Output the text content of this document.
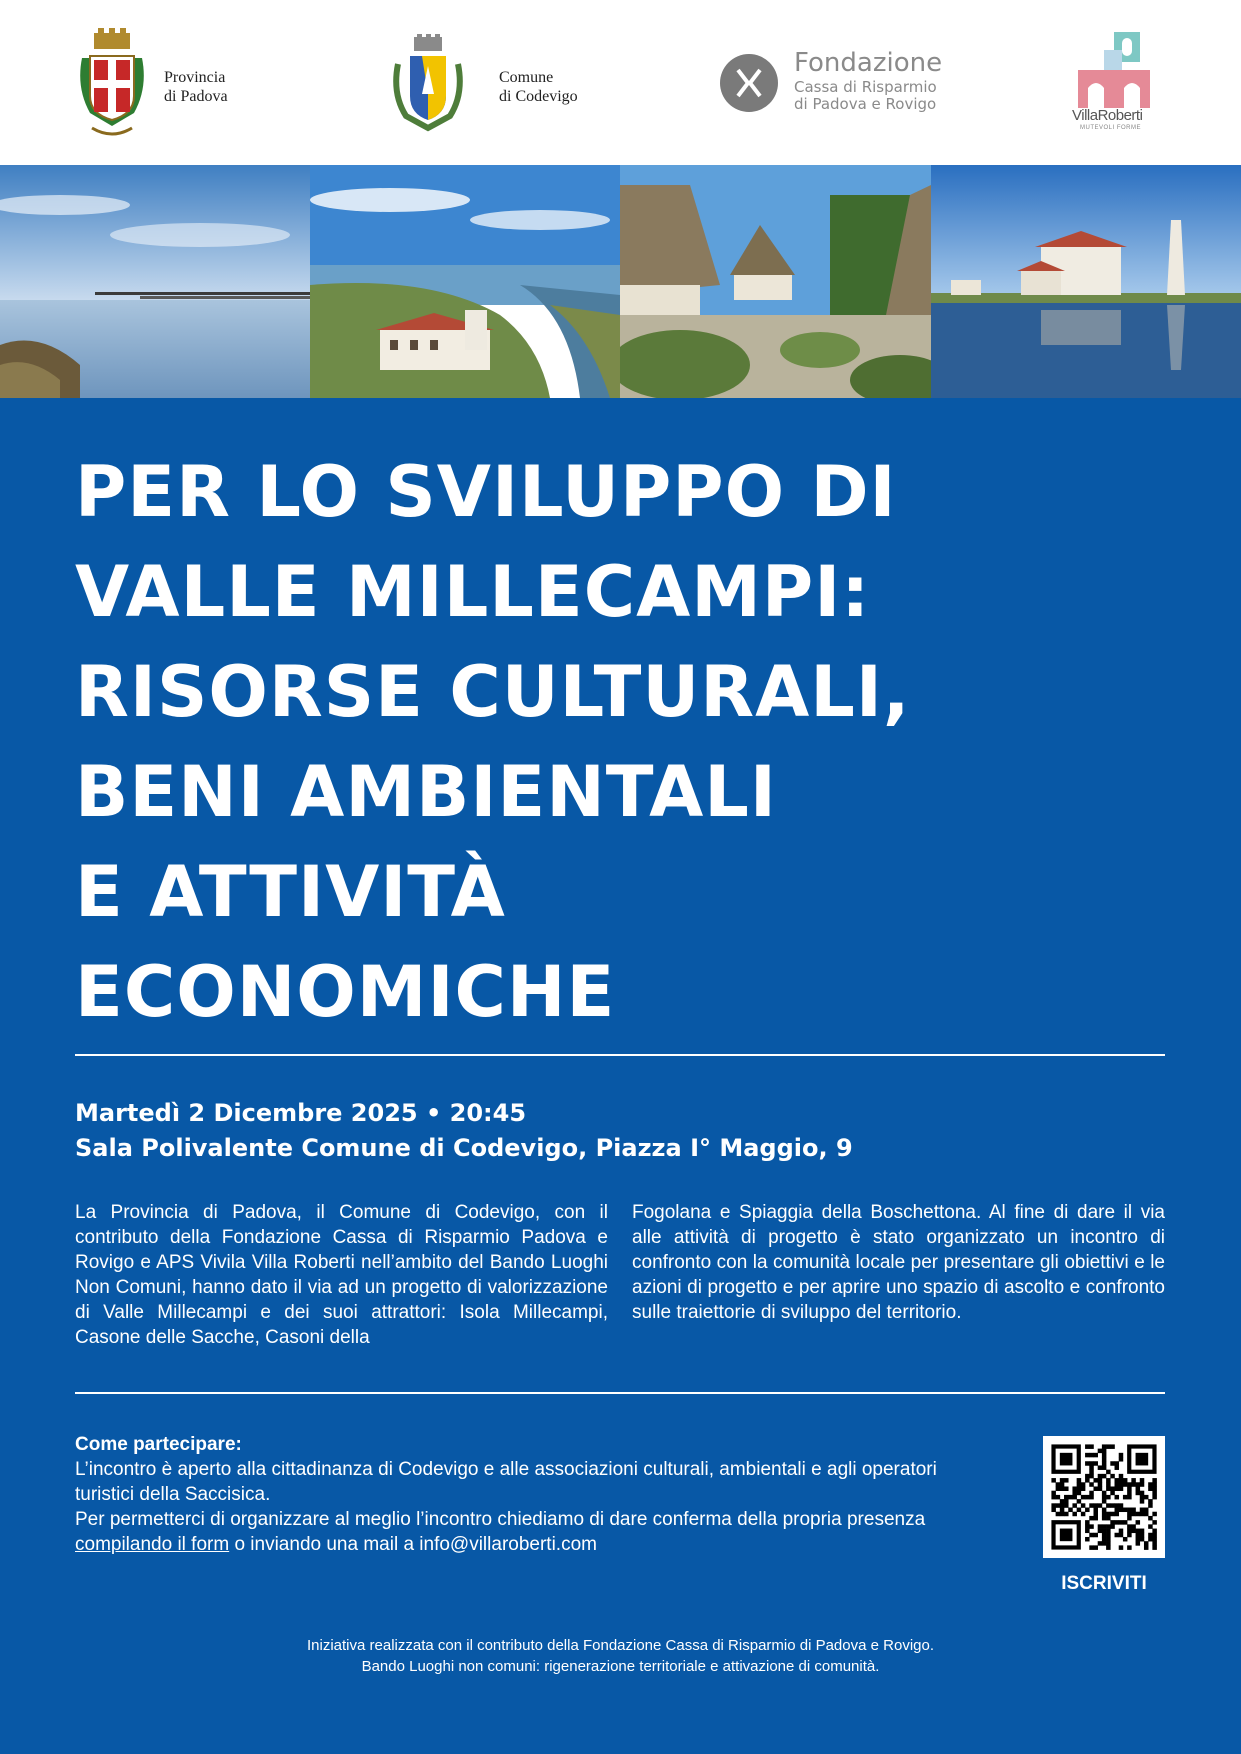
Provincia
di Padova
Comune
di Codevigo
Fondazione
Cassa di Risparmio
di Padova e Rovigo
VillaRoberti
MUTEVOLI FORME
PER LO SVILUPPO DI
VALLE MILLECAMPI:
RISORSE CULTURALI,
BENI AMBIENTALI
E ATTIVITÀ
ECONOMICHE
Martedì 2 Dicembre 2025 • 20:45
Sala Polivalente Comune di Codevigo, Piazza I° Maggio, 9
La Provincia di Padova, il Comune di Codevigo, con il contributo della Fondazione Cassa di Risparmio Padova e Rovigo e APS Vivila Villa Roberti nell’ambito del Bando Luoghi Non Comuni, hanno dato il via ad un progetto di valorizzazione di Valle Millecampi e dei suoi attrattori: Isola Millecampi, Casone delle Sacche, Casoni della
Fogolana e Spiaggia della Boschettona. Al fine di dare il via alle attività di progetto è stato organizzato un incontro di confronto con la comunità locale per presentare gli obiettivi e le azioni di progetto e per aprire uno spazio di ascolto e confronto sulle traiettorie di sviluppo del territorio.
Come partecipare:
L’incontro è aperto alla cittadinanza di Codevigo e alle associazioni culturali, ambientali e agli operatori turistici della Saccisica.
Per permetterci di organizzare al meglio l’incontro chiediamo di dare conferma della propria presenza compilando il form o inviando una mail a info@villaroberti.com
ISCRIVITI
Iniziativa realizzata con il contributo della Fondazione Cassa di Risparmio di Padova e Rovigo.
Bando Luoghi non comuni: rigenerazione territoriale e attivazione di comunità.
